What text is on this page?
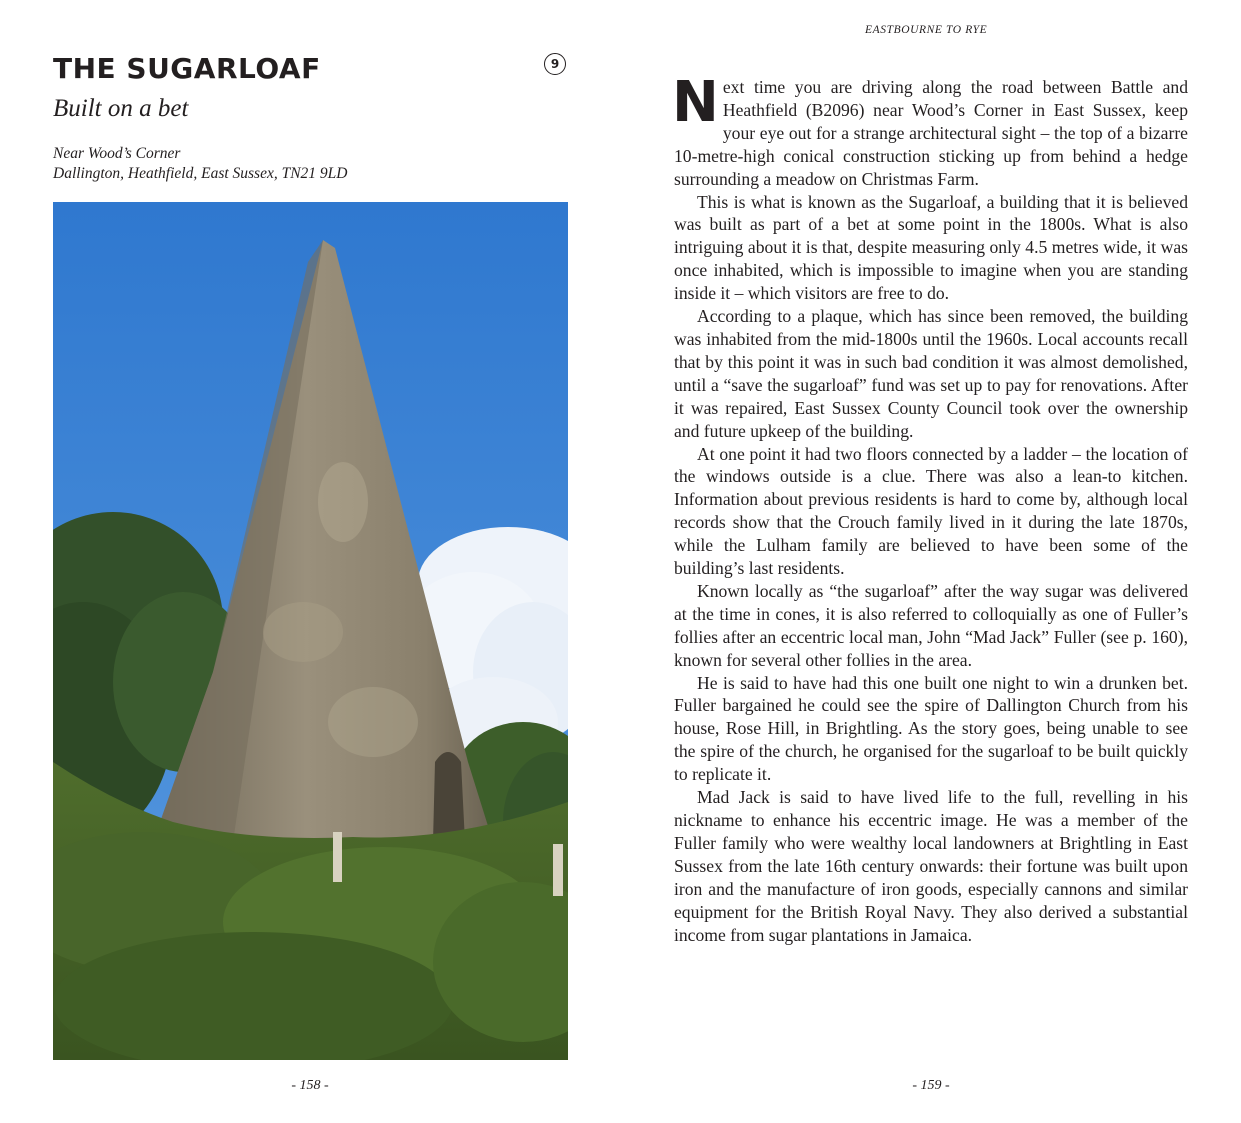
THE SUGARLOAF	9
Built on a bet
Near Wood’s Corner
Dallington, Heathfield, East Sussex, TN21 9LD
- 158 -
EASTBOURNE TO RYE

Next time you are driving along the road between Battle and Heathfield (B2096) near Wood’s Corner in East Sussex, keep your eye out for a strange architectural sight – the top of a bizarre 10-metre-high conical construction sticking up from behind a hedge surrounding a meadow on Christmas Farm.

This is what is known as the Sugarloaf, a building that it is believed was built as part of a bet at some point in the 1800s. What is also intriguing about it is that, despite measuring only 4.5 metres wide, it was once inhabited, which is impossible to imagine when you are standing inside it – which visitors are free to do.

According to a plaque, which has since been removed, the building was inhabited from the mid-1800s until the 1960s. Local accounts recall that by this point it was in such bad condition it was almost demolished, until a “save the sugarloaf” fund was set up to pay for renovations. After it was repaired, East Sussex County Council took over the ownership and future upkeep of the building.

At one point it had two floors connected by a ladder – the location of the windows outside is a clue. There was also a lean-to kitchen. Information about previous residents is hard to come by, although local records show that the Crouch family lived in it during the late 1870s, while the Lulham family are believed to have been some of the building’s last residents.

Known locally as “the sugarloaf” after the way sugar was delivered at the time in cones, it is also referred to colloquially as one of Fuller’s follies after an eccentric local man, John “Mad Jack” Fuller (see p. 160), known for several other follies in the area.

He is said to have had this one built one night to win a drunken bet. Fuller bargained he could see the spire of Dallington Church from his house, Rose Hill, in Brightling. As the story goes, being unable to see the spire of the church, he organised for the sugarloaf to be built quickly to replicate it.

Mad Jack is said to have lived life to the full, revelling in his nickname to enhance his eccentric image. He was a member of the Fuller family who were wealthy local landowners at Brightling in East Sussex from the late 16th century onwards: their fortune was built upon iron and the manufacture of iron goods, especially cannons and similar equipment for the British Royal Navy. They also derived a substantial income from sugar plantations in Jamaica.

- 159 -
